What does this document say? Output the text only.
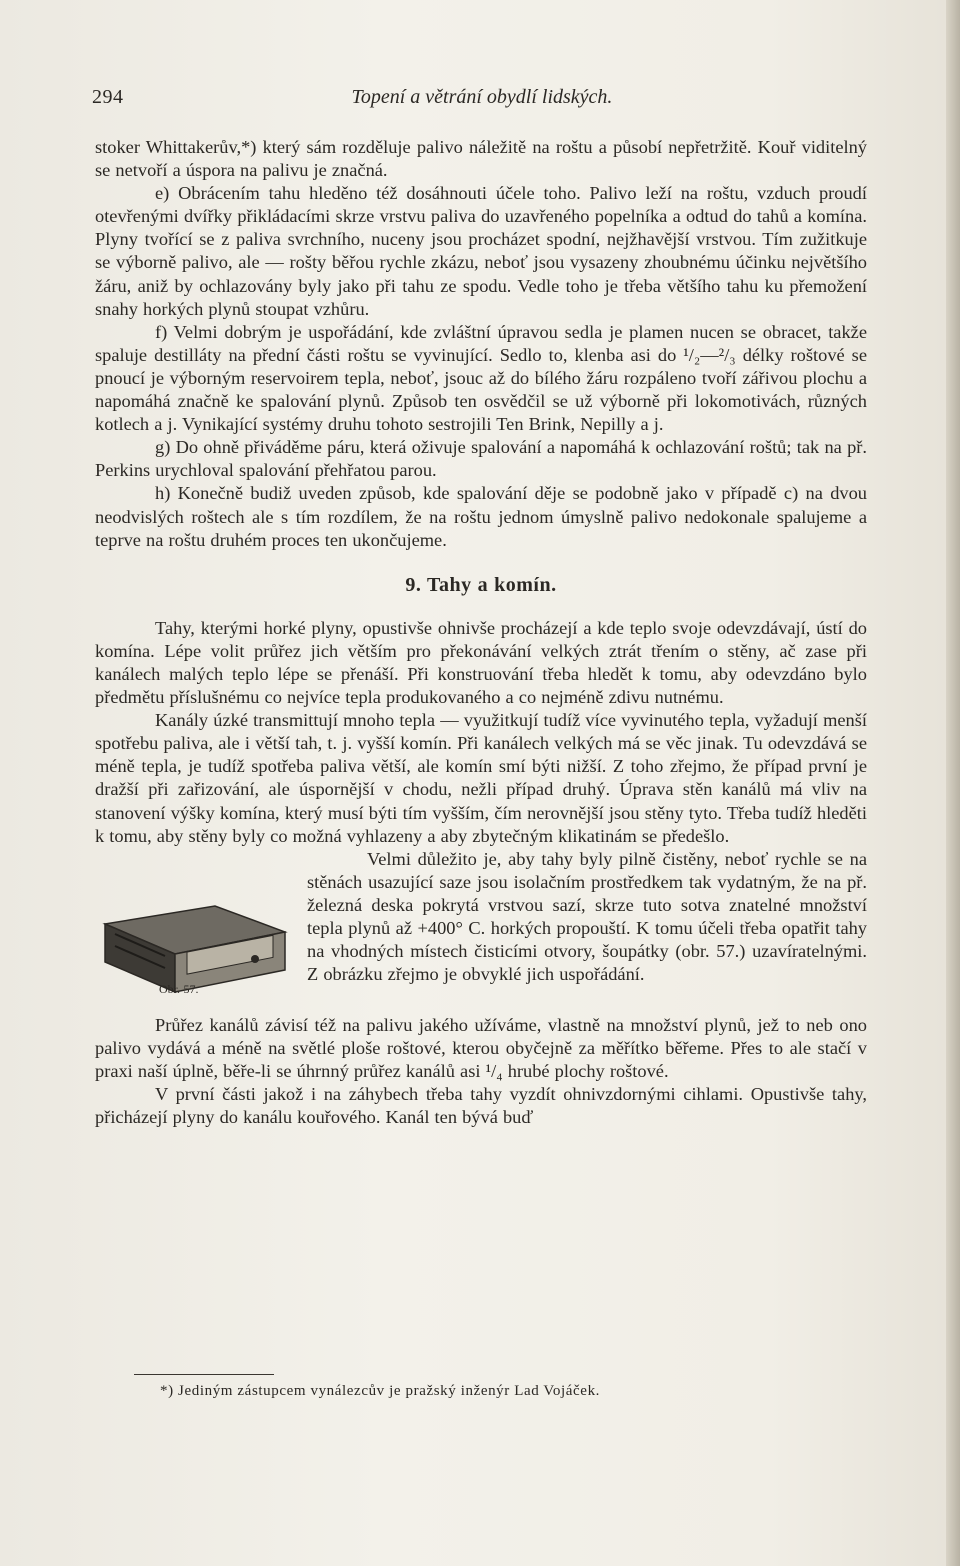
294	Topení a větrání obydlí lidských.

stoker Whittakerův,*) který sám rozděluje palivo náležitě na roštu a působí nepřetržitě. Kouř viditelný se netvoří a úspora na palivu je značná.

e) Obrácením tahu hleděno též dosáhnouti účele toho. Palivo leží na roštu, vzduch proudí otevřenými dvířky přikládacími skrze vrstvu paliva do uzavřeného popelníka a odtud do tahů a komína. Plyny tvořící se z paliva svrchního, nuceny jsou procházet spodní, nejžhavější vrstvou. Tím zužitkuje se výborně palivo, ale — rošty běřou rychle zkázu, neboť jsou vysazeny zhoubnému účinku největšího žáru, aniž by ochlazovány byly jako při tahu ze spodu. Vedle toho je třeba většího tahu ku přemožení snahy horkých plynů stoupat vzhůru.

f) Velmi dobrým je uspořádání, kde zvláštní úpravou sedla je plamen nucen se obracet, takže spaluje destilláty na přední části roštu se vyvinující. Sedlo to, klenba asi do ¹/₂—²/₃ délky roštové se pnoucí je výborným reservoirem tepla, neboť, jsouc až do bílého žáru rozpáleno tvoří zářivou plochu a napomáhá značně ke spalování plynů. Způsob ten osvědčil se už výborně při lokomotivách, různých kotlech a j. Vynikající systémy druhu tohoto sestrojili Ten Brink, Nepilly a j.

g) Do ohně přiváděme páru, která oživuje spalování a napomáhá k ochlazování roštů; tak na př. Perkins urychloval spalování přehřatou parou.

h) Konečně budiž uveden způsob, kde spalování děje se podobně jako v případě c) na dvou neodvislých roštech ale s tím rozdílem, že na roštu jednom úmyslně palivo nedokonale spalujeme a teprve na roštu druhém proces ten ukončujeme.

9. Tahy a komín.

Tahy, kterými horké plyny, opustivše ohnivše procházejí a kde teplo svoje odevzdávají, ústí do komína. Lépe volit průřez jich větším pro překonávání velkých ztrát třením o stěny, ač zase při kanálech malých teplo lépe se přenáší. Při konstruování třeba hledět k tomu, aby odevzdáno bylo předmětu příslušnému co nejvíce tepla produkovaného a co nejméně zdivu nutnému.

Kanály úzké transmittují mnoho tepla — využitkují tudíž více vyvinutého tepla, vyžadují menší spotřebu paliva, ale i větší tah, t. j. vyšší komín. Při kanálech velkých má se věc jinak. Tu odevzdává se méně tepla, je tudíž spotřeba paliva větší, ale komín smí býti nižší. Z toho zřejmo, že případ první je dražší při zařizování, ale úspornější v chodu, nežli případ druhý. Úprava stěn kanálů má vliv na stanovení výšky komína, který musí býti tím vyšším, čím nerovnější jsou stěny tyto. Třeba tudíž hleděti k tomu, aby stěny byly co možná vyhlazeny a aby zbytečným klikatinám se předešlo.

Obr. 57.

Velmi důležito je, aby tahy byly pilně čistěny, neboť rychle se na stěnách usazující saze jsou isolačním prostředkem tak vydatným, že na př. železná deska pokrytá vrstvou sazí, skrze tuto sotva znatelné množství tepla plynů až +400° C. horkých propouští. K tomu účeli třeba opatřit tahy na vhodných místech čisticími otvory, šoupátky (obr. 57.) uzavíratelnými. Z obrázku zřejmo je obvyklé jich uspořádání.

Průřez kanálů závisí též na palivu jakého užíváme, vlastně na množství plynů, jež to neb ono palivo vydává a méně na světlé ploše roštové, kterou obyčejně za měřítko běřeme. Přes to ale stačí v praxi naší úplně, běře-li se úhrnný průřez kanálů asi ¹/₄ hrubé plochy roštové.

V první části jakož i na záhybech třeba tahy vyzdít ohnivzdornými cihlami. Opustivše tahy, přicházejí plyny do kanálu kouřového. Kanál ten bývá buď

*) Jediným zástupcem vynálezcův je pražský inženýr Lad Vojáček.
